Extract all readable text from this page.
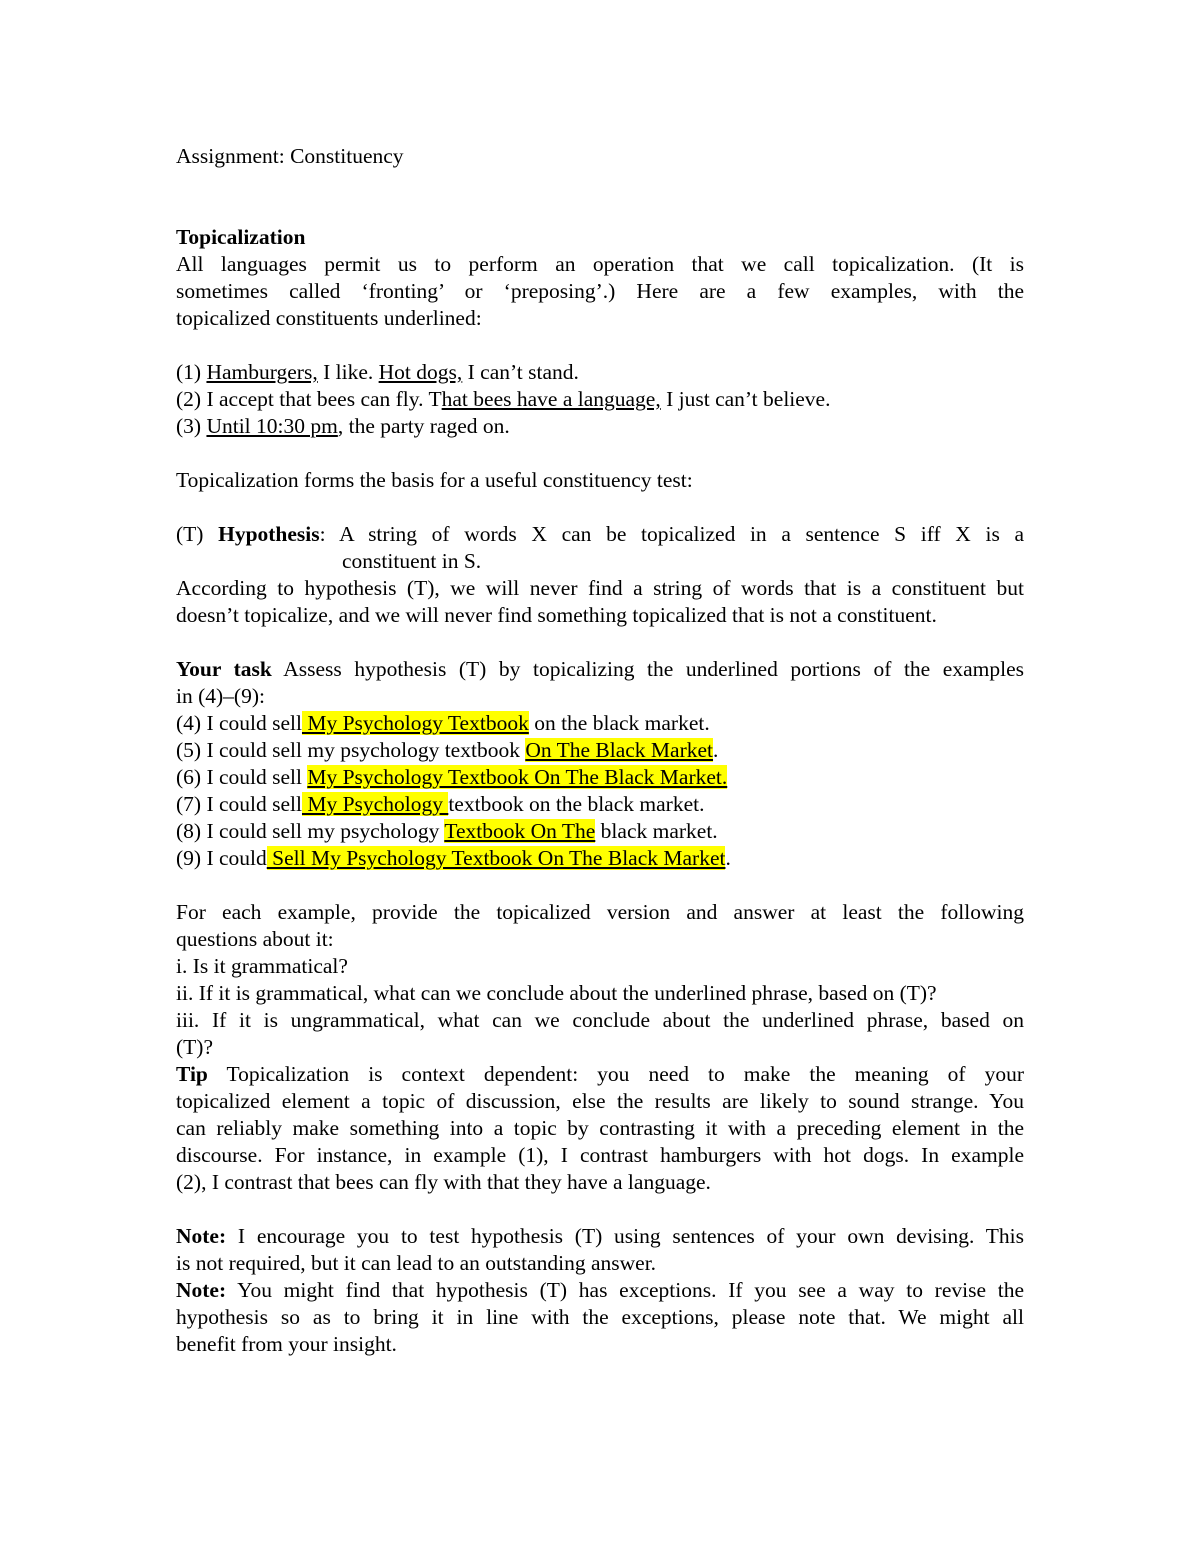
Assignment: Constituency
Topicalization
All languages permit us to perform an operation that we call topicalization. (It is
sometimes called ‘fronting’ or ‘preposing’.) Here are a few examples, with the
topicalized constituents underlined:
(1) Hamburgers, I like. Hot dogs, I can’t stand.
(2) I accept that bees can fly. That bees have a language, I just can’t believe.
(3) Until 10:30 pm, the party raged on.
Topicalization forms the basis for a useful constituency test:
(T) Hypothesis: A string of words X can be topicalized in a sentence S iff X is a
constituent in S.
According to hypothesis (T), we will never find a string of words that is a constituent but
doesn’t topicalize, and we will never find something topicalized that is not a constituent.
Your task Assess hypothesis (T) by topicalizing the underlined portions of the examples
in (4)–(9):
(4) I could sell My Psychology Textbook on the black market.
(5) I could sell my psychology textbook On The Black Market.
(6) I could sell My Psychology Textbook On The Black Market.
(7) I could sell My Psychology textbook on the black market.
(8) I could sell my psychology Textbook On The black market.
(9) I could Sell My Psychology Textbook On The Black Market.
For each example, provide the topicalized version and answer at least the following
questions about it:
i. Is it grammatical?
ii. If it is grammatical, what can we conclude about the underlined phrase, based on (T)?
iii. If it is ungrammatical, what can we conclude about the underlined phrase, based on
(T)?
Tip Topicalization is context dependent: you need to make the meaning of your
topicalized element a topic of discussion, else the results are likely to sound strange. You
can reliably make something into a topic by contrasting it with a preceding element in the
discourse. For instance, in example (1), I contrast hamburgers with hot dogs. In example
(2), I contrast that bees can fly with that they have a language.
Note: I encourage you to test hypothesis (T) using sentences of your own devising. This
is not required, but it can lead to an outstanding answer.
Note: You might find that hypothesis (T) has exceptions. If you see a way to revise the
hypothesis so as to bring it in line with the exceptions, please note that. We might all
benefit from your insight.
